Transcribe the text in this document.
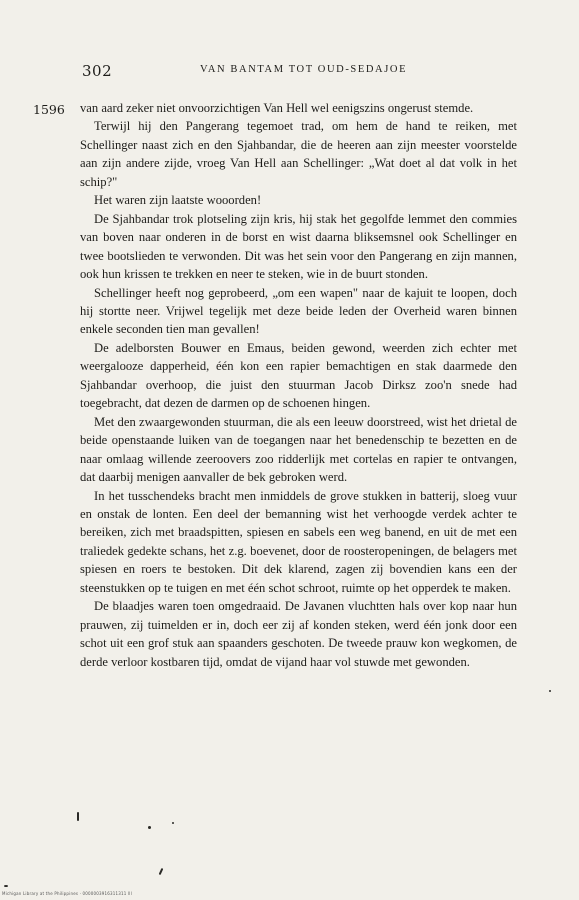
302	VAN BANTAM TOT OUD-SEDAJOE
1596 van aard zeker niet onvoorzichtigen Van Hell wel eenigszins ongerust stemde.

Terwijl hij den Pangerang tegemoet trad, om hem de hand te reiken, met Schellinger naast zich en den Sjahbandar, die de heeren aan zijn meester voorstelde aan zijn andere zijde, vroeg Van Hell aan Schellinger: „Wat doet al dat volk in het schip?"

Het waren zijn laatste wooorden!

De Sjahbandar trok plotseling zijn kris, hij stak het gegolfde lemmet den commies van boven naar onderen in de borst en wist daarna bliksemsnel ook Schellinger en twee bootslieden te verwonden. Dit was het sein voor den Pangerang en zijn mannen, ook hun krissen te trekken en neer te steken, wie in de buurt stonden.

Schellinger heeft nog geprobeerd, „om een wapen" naar de kajuit te loopen, doch hij stortte neer. Vrijwel tegelijk met deze beide leden der Overheid waren binnen enkele seconden tien man gevallen!

De adelborsten Bouwer en Emaus, beiden gewond, weerden zich echter met weergalooze dapperheid, één kon een rapier bemachtigen en stak daarmede den Sjahbandar overhoop, die juist den stuurman Jacob Dirksz zoo'n snede had toegebracht, dat dezen de darmen op de schoenen hingen.

Met den zwaargewonden stuurman, die als een leeuw doorstreed, wist het drietal de beide openstaande luiken van de toegangen naar het benedenschip te bezetten en de naar omlaag willende zeeroovers zoo ridderlijk met cortelas en rapier te ontvangen, dat daarbij menigen aanvaller de bek gebroken werd.

In het tusschendeks bracht men inmiddels de grove stukken in batterij, sloeg vuur en onstak de lonten. Een deel der bemanning wist het verhoogde verdek achter te bereiken, zich met braadspitten, spiesen en sabels een weg banend, en uit de met een traliedek gedekte schans, het z.g. boevenet, door de roosteropeningen, de belagers met spiesen en roers te bestoken. Dit dek klarend, zagen zij bovendien kans een der steenstukken op te tuigen en met één schot schroot, ruimte op het opperdek te maken.

De blaadjes waren toen omgedraaid. De Javanen vluchtten hals over kop naar hun prauwen, zij tuimelden er in, doch eer zij af konden steken, werd één jonk door een schot uit een grof stuk aan spaanders geschoten. De tweede prauw kon wegkomen, de derde verloor kostbaren tijd, omdat de vijand haar vol stuwde met gewonden.

Michigan Library at the Philippines · 0000003916311311 lll
